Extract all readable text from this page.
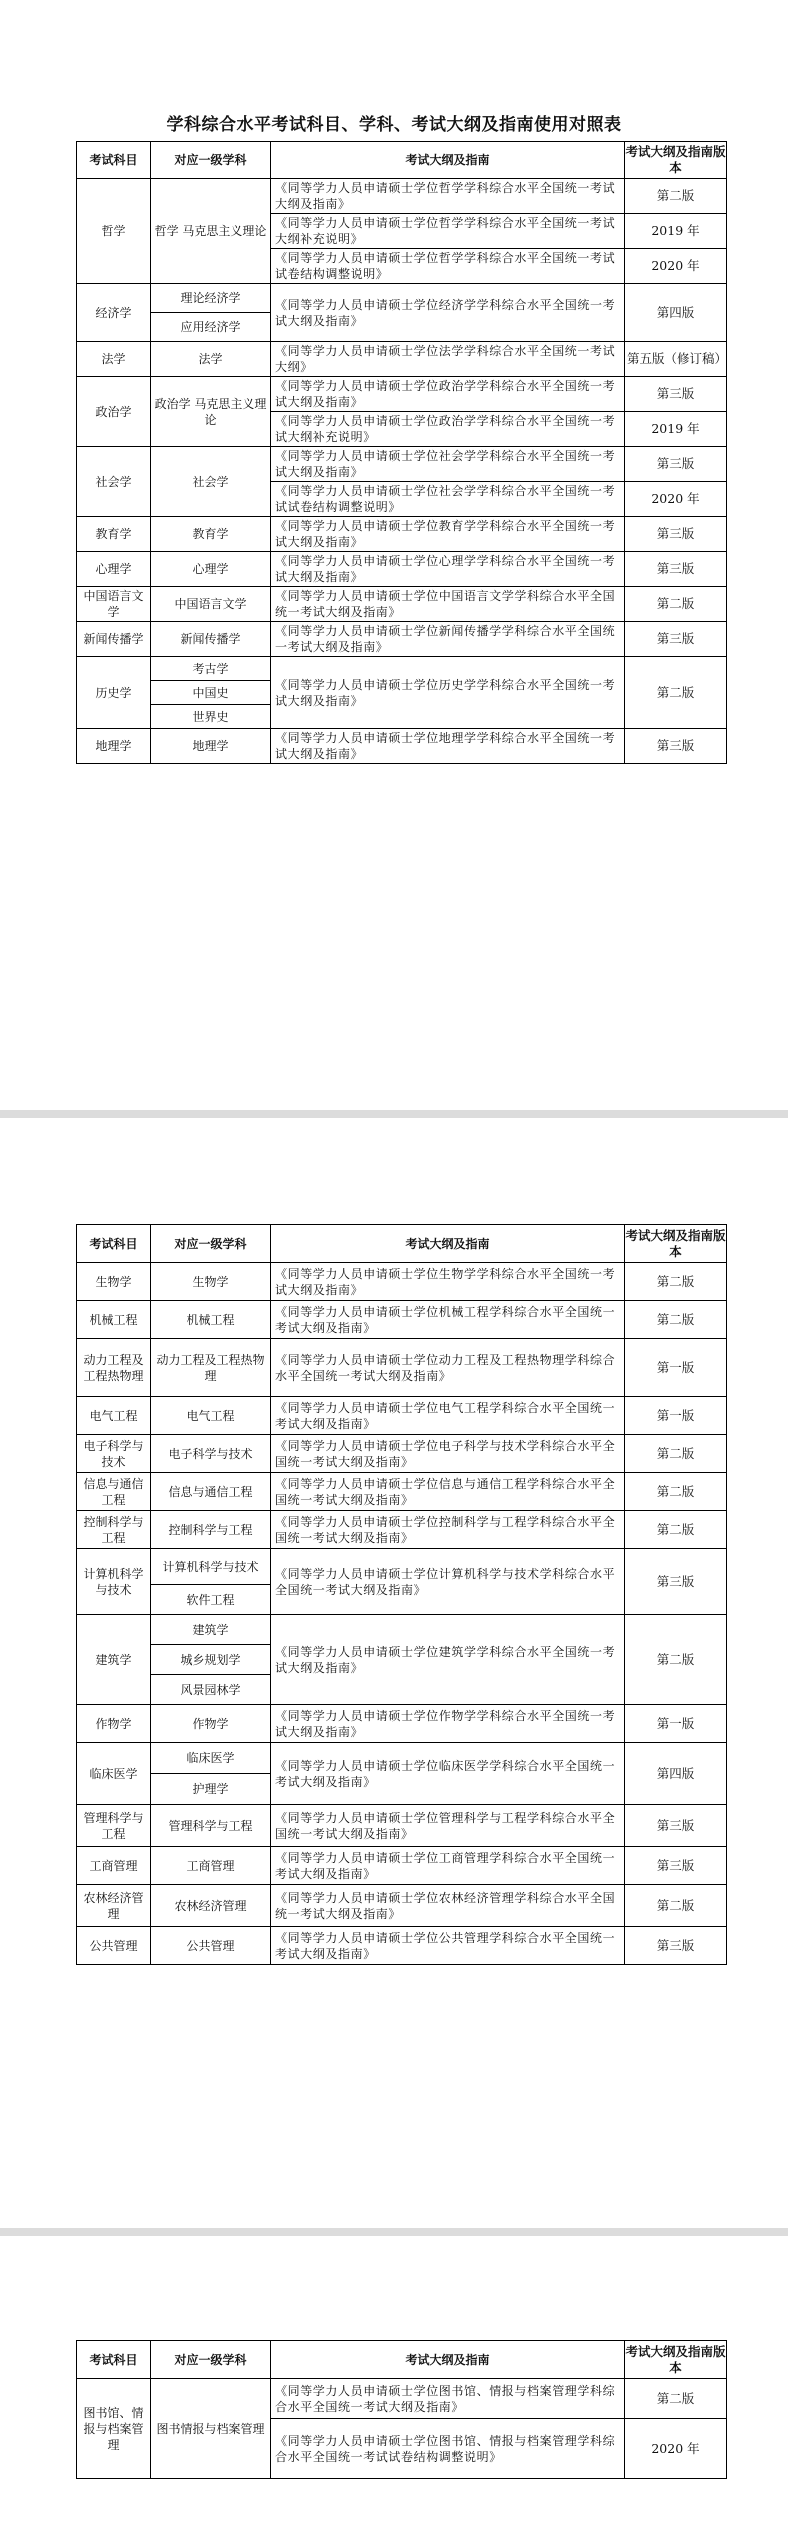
学科综合水平考试科目、学科、考试大纲及指南使用对照表
考试科目	对应一级学科	考试大纲及指南	考试大纲及指南版本
哲学	哲学 马克思主义理论	《同等学力人员申请硕士学位哲学学科综合水平全国统一考试大纲及指南》	第二版
		《同等学力人员申请硕士学位哲学学科综合水平全国统一考试大纲补充说明》	2019 年
		《同等学力人员申请硕士学位哲学学科综合水平全国统一考试试卷结构调整说明》	2020 年
经济学	理论经济学	《同等学力人员申请硕士学位经济学学科综合水平全国统一考试大纲及指南》	第四版
	应用经济学		
法学	法学	《同等学力人员申请硕士学位法学学科综合水平全国统一考试大纲》	第五版（修订稿）
政治学	政治学 马克思主义理论	《同等学力人员申请硕士学位政治学学科综合水平全国统一考试大纲及指南》	第三版
		《同等学力人员申请硕士学位政治学学科综合水平全国统一考试大纲补充说明》	2019 年
社会学	社会学	《同等学力人员申请硕士学位社会学学科综合水平全国统一考试大纲及指南》	第三版
		《同等学力人员申请硕士学位社会学学科综合水平全国统一考试试卷结构调整说明》	2020 年
教育学	教育学	《同等学力人员申请硕士学位教育学学科综合水平全国统一考试大纲及指南》	第三版
心理学	心理学	《同等学力人员申请硕士学位心理学学科综合水平全国统一考试大纲及指南》	第三版
中国语言文学	中国语言文学	《同等学力人员申请硕士学位中国语言文学学科综合水平全国统一考试大纲及指南》	第二版
新闻传播学	新闻传播学	《同等学力人员申请硕士学位新闻传播学学科综合水平全国统一考试大纲及指南》	第三版
历史学	考古学	《同等学力人员申请硕士学位历史学学科综合水平全国统一考试大纲及指南》	第二版
	中国史		
	世界史		
地理学	地理学	《同等学力人员申请硕士学位地理学学科综合水平全国统一考试大纲及指南》	第三版
考试科目	对应一级学科	考试大纲及指南	考试大纲及指南版本
生物学	生物学	《同等学力人员申请硕士学位生物学学科综合水平全国统一考试大纲及指南》	第二版
机械工程	机械工程	《同等学力人员申请硕士学位机械工程学科综合水平全国统一考试大纲及指南》	第二版
动力工程及工程热物理	动力工程及工程热物理	《同等学力人员申请硕士学位动力工程及工程热物理学科综合水平全国统一考试大纲及指南》	第一版
电气工程	电气工程	《同等学力人员申请硕士学位电气工程学科综合水平全国统一考试大纲及指南》	第一版
电子科学与技术	电子科学与技术	《同等学力人员申请硕士学位电子科学与技术学科综合水平全国统一考试大纲及指南》	第二版
信息与通信工程	信息与通信工程	《同等学力人员申请硕士学位信息与通信工程学科综合水平全国统一考试大纲及指南》	第二版
控制科学与工程	控制科学与工程	《同等学力人员申请硕士学位控制科学与工程学科综合水平全国统一考试大纲及指南》	第二版
计算机科学与技术	计算机科学与技术	《同等学力人员申请硕士学位计算机科学与技术学科综合水平全国统一考试大纲及指南》	第三版
	软件工程		
建筑学	建筑学	《同等学力人员申请硕士学位建筑学学科综合水平全国统一考试大纲及指南》	第二版
	城乡规划学		
	风景园林学		
作物学	作物学	《同等学力人员申请硕士学位作物学学科综合水平全国统一考试大纲及指南》	第一版
临床医学	临床医学	《同等学力人员申请硕士学位临床医学学科综合水平全国统一考试大纲及指南》	第四版
	护理学		
管理科学与工程	管理科学与工程	《同等学力人员申请硕士学位管理科学与工程学科综合水平全国统一考试大纲及指南》	第三版
工商管理	工商管理	《同等学力人员申请硕士学位工商管理学科综合水平全国统一考试大纲及指南》	第三版
农林经济管理	农林经济管理	《同等学力人员申请硕士学位农林经济管理学科综合水平全国统一考试大纲及指南》	第二版
公共管理	公共管理	《同等学力人员申请硕士学位公共管理学科综合水平全国统一考试大纲及指南》	第三版
考试科目	对应一级学科	考试大纲及指南	考试大纲及指南版本
图书馆、情报与档案管理	图书情报与档案管理	《同等学力人员申请硕士学位图书馆、情报与档案管理学科综合水平全国统一考试大纲及指南》	第二版
		《同等学力人员申请硕士学位图书馆、情报与档案管理学科综合水平全国统一考试试卷结构调整说明》	2020 年
